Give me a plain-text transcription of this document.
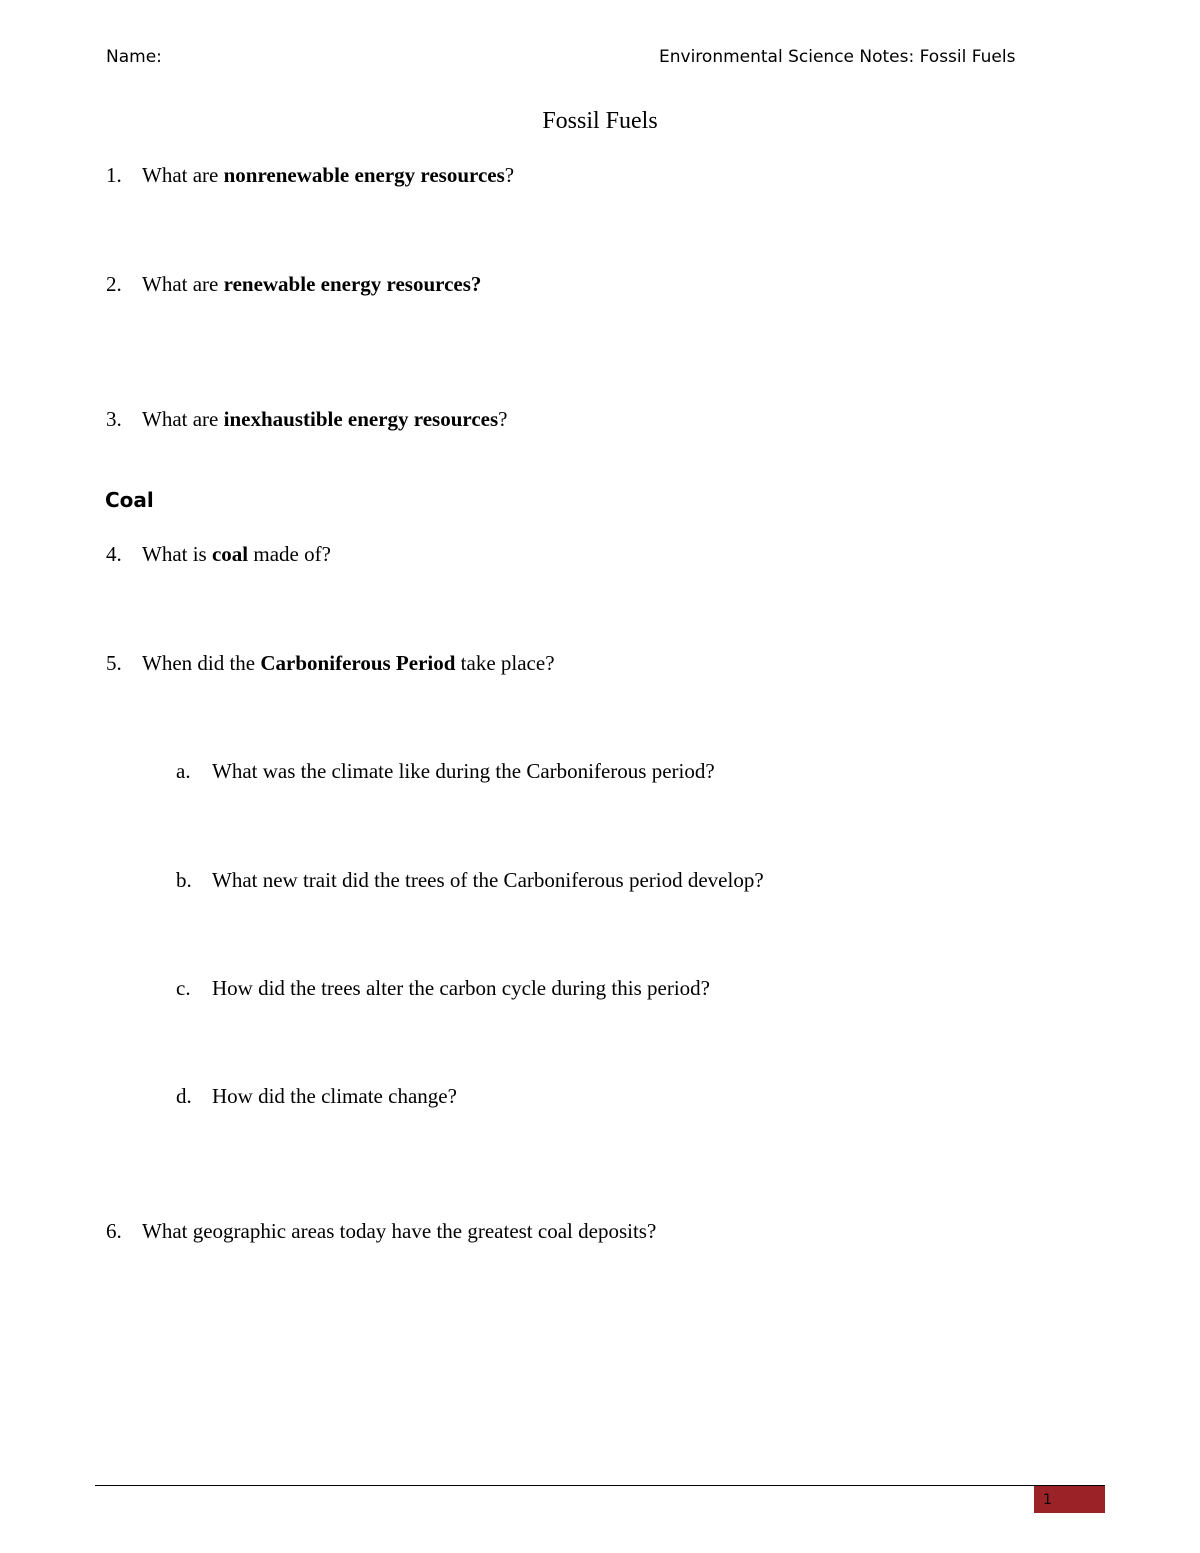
Name:	Environmental Science Notes: Fossil Fuels
Fossil Fuels
1. What are nonrenewable energy resources?
2. What are renewable energy resources?
3. What are inexhaustible energy resources?
Coal
4. What is coal made of?
5. When did the Carboniferous Period take place?
a. What was the climate like during the Carboniferous period?
b. What new trait did the trees of the Carboniferous period develop?
c. How did the trees alter the carbon cycle during this period?
d. How did the climate change?
6. What geographic areas today have the greatest coal deposits?
1
